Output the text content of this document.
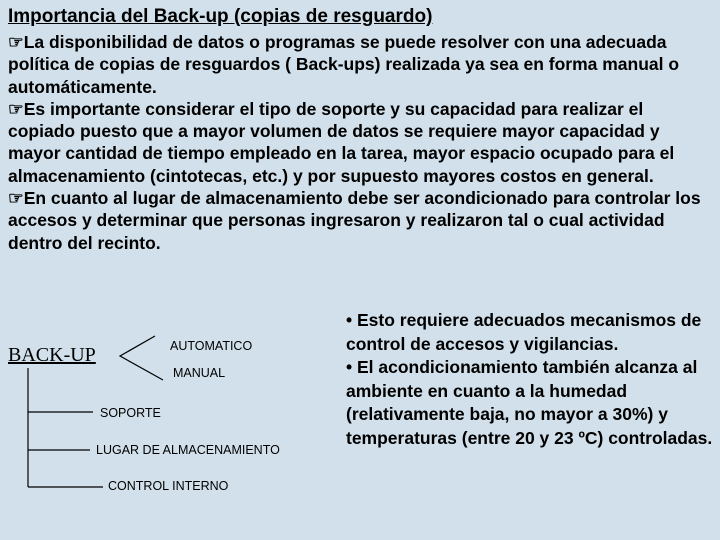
Importancia del Back-up (copias de resguardo)

☞La disponibilidad de datos o programas se puede resolver con una adecuada política de copias de resguardos ( Back-ups) realizada ya sea en forma manual o automáticamente.

☞Es importante considerar el tipo de soporte y su capacidad para realizar el copiado puesto que a mayor volumen de datos se requiere mayor capacidad y mayor cantidad de tiempo empleado en la tarea, mayor espacio ocupado para el almacenamiento (cintotecas, etc.) y por supuesto mayores costos en general.

☞En cuanto al lugar de almacenamiento debe ser acondicionado para controlar los accesos y determinar que personas ingresaron y realizaron tal o cual actividad dentro del recinto.

BACK-UP	AUTOMATICO
MANUAL
SOPORTE
LUGAR DE ALMACENAMIENTO
CONTROL INTERNO

• Esto requiere adecuados mecanismos de control de accesos y vigilancias.

• El acondicionamiento también alcanza al ambiente en cuanto a la humedad (relativamente baja, no mayor a 30%) y temperaturas (entre 20 y 23 ºC) controladas.
